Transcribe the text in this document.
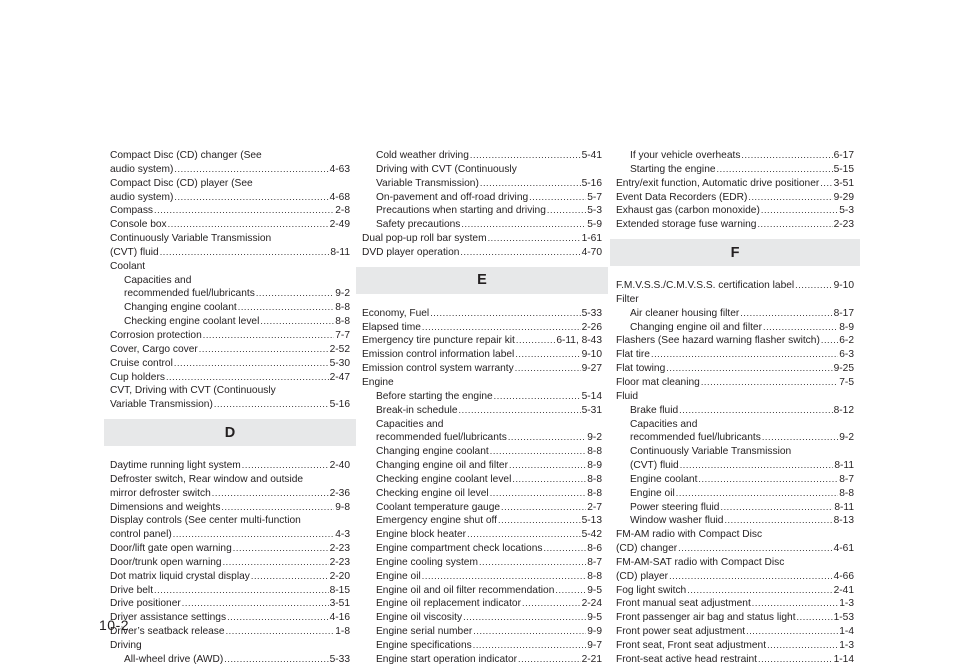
Compact Disc (CD) changer (See
audio system) .....	4-63
Compact Disc (CD) player (See
audio system) .....	4-68
Compass .....	2-8
Console box .....	2-49
Continuously Variable Transmission
(CVT) fluid .....	8-11
Coolant
Capacities and
recommended fuel/lubricants .....	9-2
Changing engine coolant .....	8-8
Checking engine coolant level .....	8-8
Corrosion protection .....	7-7
Cover, Cargo cover .....	2-52
Cruise control .....	5-30
Cup holders .....	2-47
CVT, Driving with CVT (Continuously
Variable Transmission) .....	5-16
D
Daytime running light system .....	2-40
Defroster switch, Rear window and outside
mirror defroster switch .....	2-36
Dimensions and weights .....	9-8
Display controls (See center multi-function
control panel) .....	4-3
Door/lift gate open warning .....	2-23
Door/trunk open warning .....	2-23
Dot matrix liquid crystal display .....	2-20
Drive belt .....	8-15
Drive positioner .....	3-51
Driver assistance settings .....	4-16
Driver’s seatback release .....	1-8
Driving
All-wheel drive (AWD) .....	5-33
Cold weather driving .....	5-41
Driving with CVT (Continuously
Variable Transmission) .....	5-16
On-pavement and off-road driving .....	5-7
Precautions when starting and driving .....	5-3
Safety precautions .....	5-9
Dual pop-up roll bar system .....	1-61
DVD player operation .....	4-70
E
Economy, Fuel .....	5-33
Elapsed time .....	2-26
Emergency tire puncture repair kit .....	6-11, 8-43
Emission control information label .....	9-10
Emission control system warranty .....	9-27
Engine
Before starting the engine .....	5-14
Break-in schedule .....	5-31
Capacities and
recommended fuel/lubricants .....	9-2
Changing engine coolant .....	8-8
Changing engine oil and filter .....	8-9
Checking engine coolant level .....	8-8
Checking engine oil level .....	8-8
Coolant temperature gauge .....	2-7
Emergency engine shut off .....	5-13
Engine block heater .....	5-42
Engine compartment check locations .....	8-6
Engine cooling system .....	8-7
Engine oil .....	8-8
Engine oil and oil filter recommendation .....	9-5
Engine oil replacement indicator .....	2-24
Engine oil viscosity .....	9-5
Engine serial number .....	9-9
Engine specifications .....	9-7
Engine start operation indicator .....	2-21
If your vehicle overheats .....	6-17
Starting the engine .....	5-15
Entry/exit function, Automatic drive positioner ..... 3-51
Event Data Recorders (EDR) .....	9-29
Exhaust gas (carbon monoxide) .....	5-3
Extended storage fuse warning .....	2-23
F
F.M.V.S.S./C.M.V.S.S. certification label .....	9-10
Filter
Air cleaner housing filter .....	8-17
Changing engine oil and filter .....	8-9
Flashers (See hazard warning flasher switch) ..... 6-2
Flat tire .....	6-3
Flat towing .....	9-25
Floor mat cleaning .....	7-5
Fluid
Brake fluid .....	8-12
Capacities and
recommended fuel/lubricants .....	9-2
Continuously Variable Transmission
(CVT) fluid .....	8-11
Engine coolant .....	8-7
Engine oil .....	8-8
Power steering fluid .....	8-11
Window washer fluid .....	8-13
FM-AM radio with Compact Disc
(CD) changer .....	4-61
FM-AM-SAT radio with Compact Disc
(CD) player .....	4-66
Fog light switch .....	2-41
Front manual seat adjustment .....	1-3
Front passenger air bag and status light .....	1-53
Front power seat adjustment .....	1-4
Front seat, Front seat adjustment .....	1-3
Front-seat active head restraint .....	1-14
10-2
